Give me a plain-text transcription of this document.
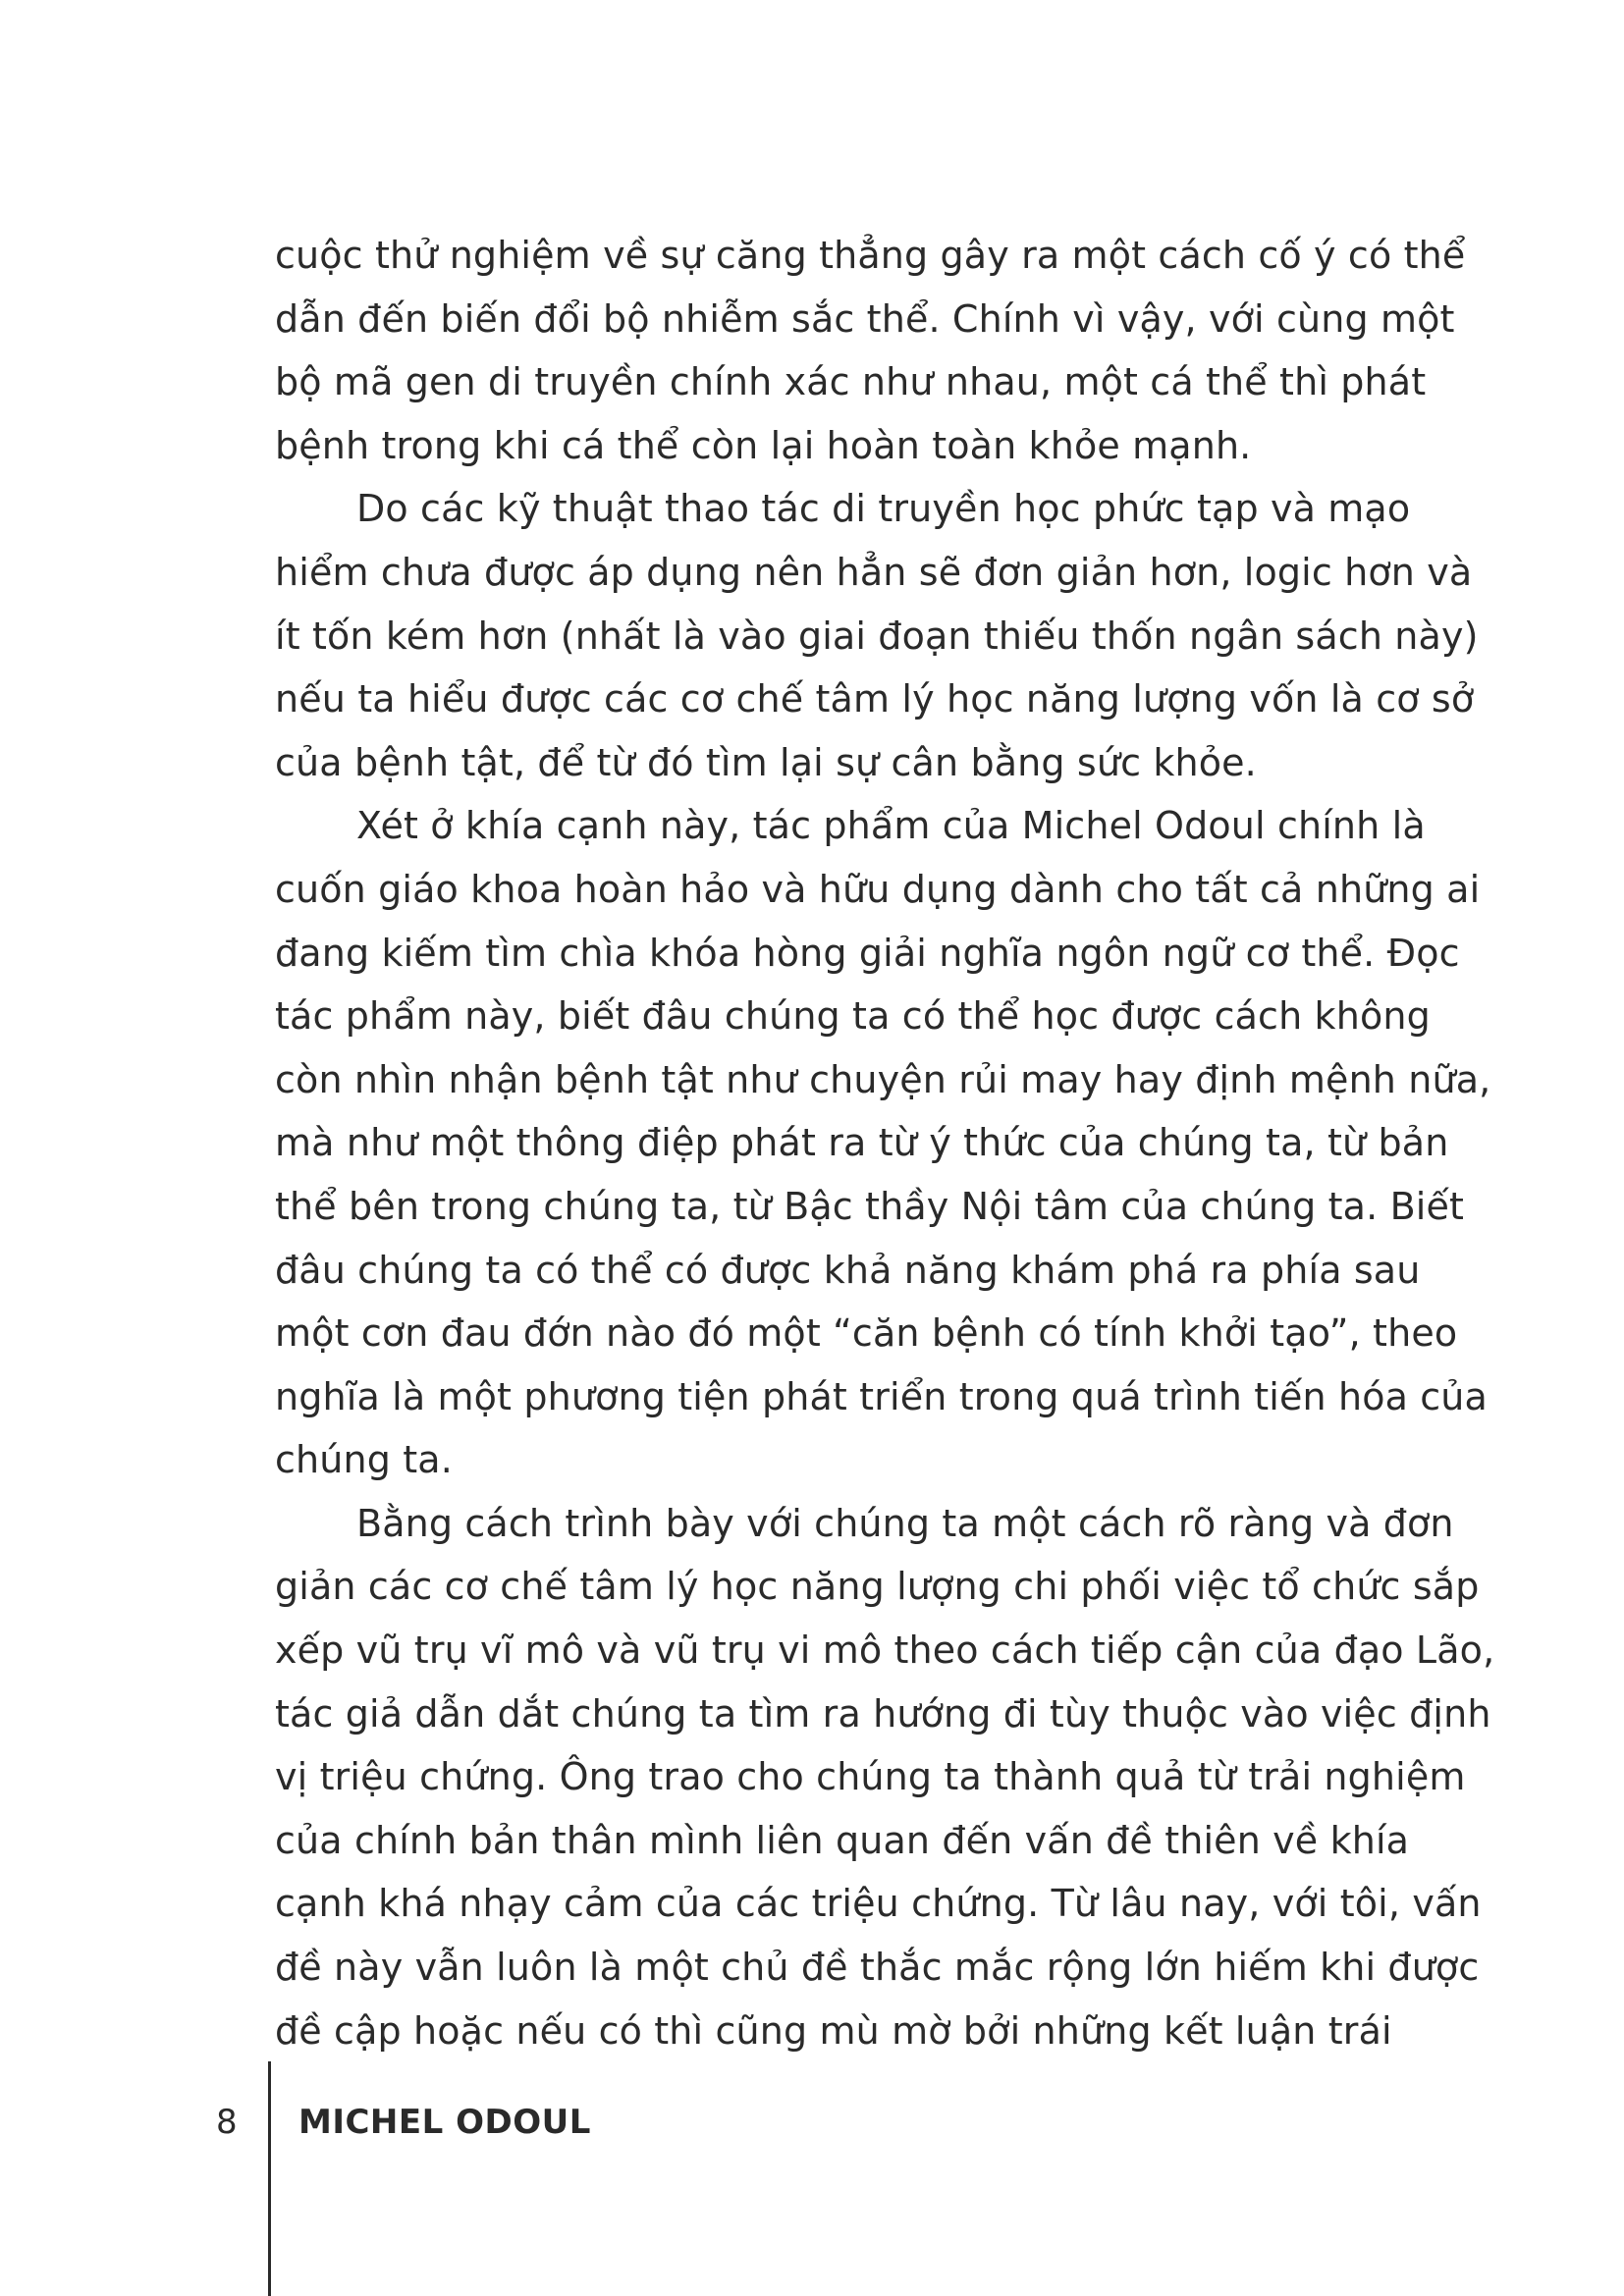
cuộc thử nghiệm về sự căng thẳng gây ra một cách cố ý có thể
dẫn đến biến đổi bộ nhiễm sắc thể. Chính vì vậy, với cùng một
bộ mã gen di truyền chính xác như nhau, một cá thể thì phát
bệnh trong khi cá thể còn lại hoàn toàn khỏe mạnh.
Do các kỹ thuật thao tác di truyền học phức tạp và mạo
hiểm chưa được áp dụng nên hẳn sẽ đơn giản hơn, logic hơn và
ít tốn kém hơn (nhất là vào giai đoạn thiếu thốn ngân sách này)
nếu ta hiểu được các cơ chế tâm lý học năng lượng vốn là cơ sở
của bệnh tật, để từ đó tìm lại sự cân bằng sức khỏe.
Xét ở khía cạnh này, tác phẩm của Michel Odoul chính là
cuốn giáo khoa hoàn hảo và hữu dụng dành cho tất cả những ai
đang kiếm tìm chìa khóa hòng giải nghĩa ngôn ngữ cơ thể. Đọc
tác phẩm này, biết đâu chúng ta có thể học được cách không
còn nhìn nhận bệnh tật như chuyện rủi may hay định mệnh nữa,
mà như một thông điệp phát ra từ ý thức của chúng ta, từ bản
thể bên trong chúng ta, từ Bậc thầy Nội tâm của chúng ta. Biết
đâu chúng ta có thể có được khả năng khám phá ra phía sau
một cơn đau đớn nào đó một “căn bệnh có tính khởi tạo”, theo
nghĩa là một phương tiện phát triển trong quá trình tiến hóa của
chúng ta.
Bằng cách trình bày với chúng ta một cách rõ ràng và đơn
giản các cơ chế tâm lý học năng lượng chi phối việc tổ chức sắp
xếp vũ trụ vĩ mô và vũ trụ vi mô theo cách tiếp cận của đạo Lão,
tác giả dẫn dắt chúng ta tìm ra hướng đi tùy thuộc vào việc định
vị triệu chứng. Ông trao cho chúng ta thành quả từ trải nghiệm
của chính bản thân mình liên quan đến vấn đề thiên về khía
cạnh khá nhạy cảm của các triệu chứng. Từ lâu nay, với tôi, vấn
đề này vẫn luôn là một chủ đề thắc mắc rộng lớn hiếm khi được
đề cập hoặc nếu có thì cũng mù mờ bởi những kết luận trái
8 MICHEL ODOUL
